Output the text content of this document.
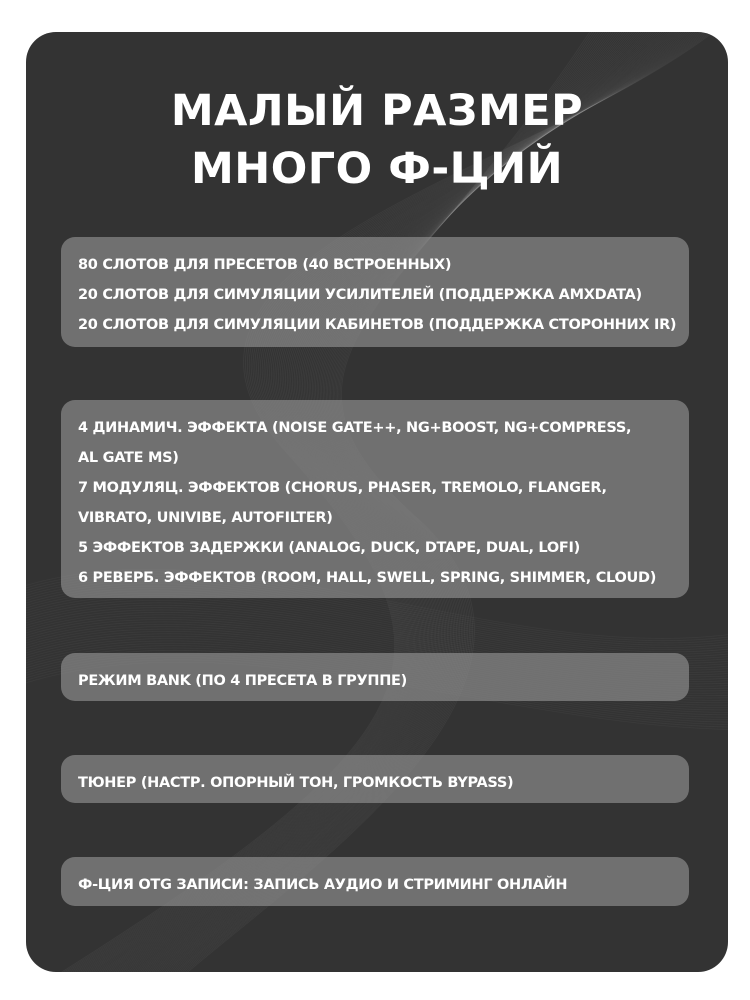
МАЛЫЙ РАЗМЕР
МНОГО Ф-ЦИЙ
80 СЛОТОВ ДЛЯ ПРЕСЕТОВ (40 ВСТРОЕННЫХ)
20 СЛОТОВ ДЛЯ СИМУЛЯЦИИ УСИЛИТЕЛЕЙ (ПОДДЕРЖКА AMXDATA)
20 СЛОТОВ ДЛЯ СИМУЛЯЦИИ КАБИНЕТОВ (ПОДДЕРЖКА СТОРОННИХ IR)
4 ДИНАМИЧ. ЭФФЕКТА (NOISE GATE++, NG+BOOST, NG+COMPRESS,
AL GATE MS)
7 МОДУЛЯЦ. ЭФФЕКТОВ (CHORUS, PHASER, TREMOLO, FLANGER,
VIBRATO, UNIVIBE, AUTOFILTER)
5 ЭФФЕКТОВ ЗАДЕРЖКИ (ANALOG, DUCK, DTAPE, DUAL, LOFI)
6 РЕВЕРБ. ЭФФЕКТОВ (ROOM, HALL, SWELL, SPRING, SHIMMER, CLOUD)
РЕЖИМ BANK (ПО 4 ПРЕСЕТА В ГРУППЕ)
ТЮНЕР (НАСТР. ОПОРНЫЙ ТОН, ГРОМКОСТЬ BYPASS)
Ф-ЦИЯ OTG ЗАПИСИ: ЗАПИСЬ АУДИО И СТРИМИНГ ОНЛАЙН
